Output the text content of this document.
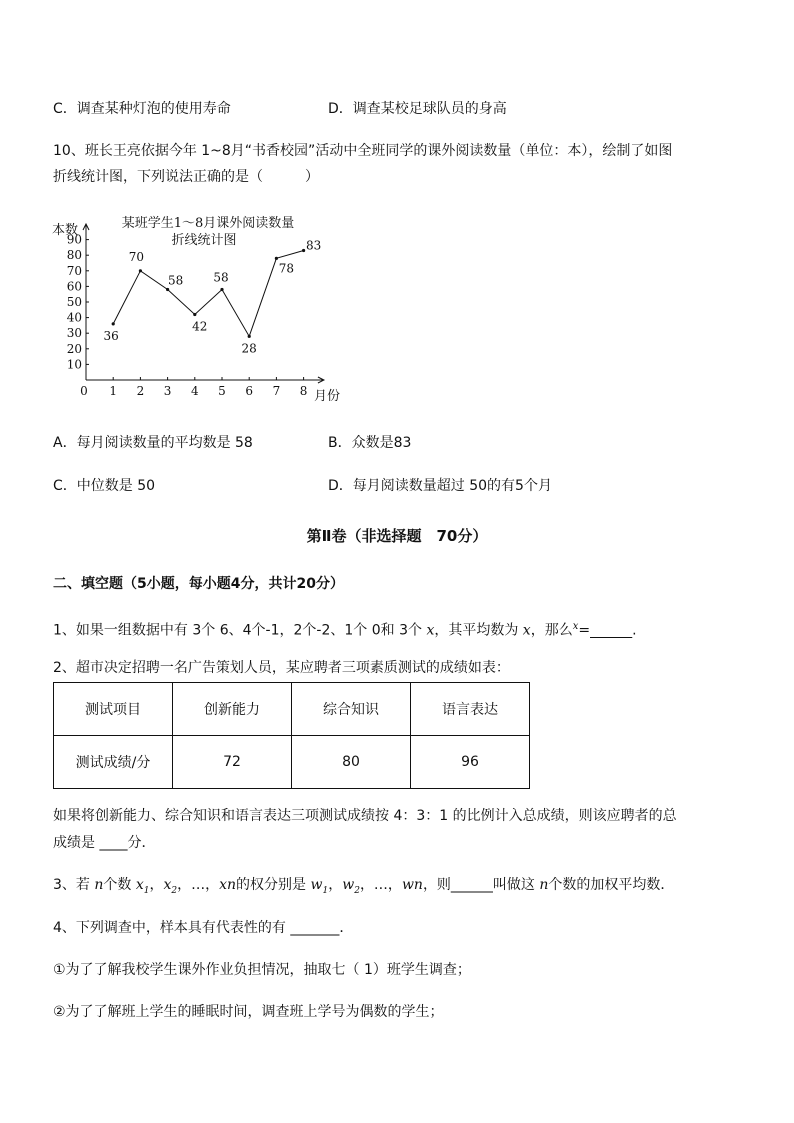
C．调查某种灯泡的使用寿命	D．调查某校足球队员的身高
10、班长王亮依据今年 1~8月“书香校园”活动中全班同学的课外阅读数量（单位：本），绘制了如图
折线统计图，下列说法正确的是（　　　）
某班学生1～8月课外阅读数量
折线统计图
本数
月份
10
20
30
40
50
60
70
80
90
0 1 2 3 4 5 6 7 8
36
70
58
42
58
28
78
83
A．每月阅读数量的平均数是 58	B．众数是83
C．中位数是 50	D．每月阅读数量超过 50的有5个月
第Ⅱ卷（非选择题　70分）
二、填空题（5小题，每小题4分，共计20分）
1、如果一组数据中有 3个 6、4个-1，2个-2、1个 0和 3个 x，其平均数为 x，那么$^x$=______.
2、超市决定招聘一名广告策划人员，某应聘者三项素质测试的成绩如表：
测试项目	创新能力	综合知识	语言表达
测试成绩/分	72	80	96
如果将创新能力、综合知识和语言表达三项测试成绩按 4：3：1 的比例计入总成绩，则该应聘者的总
成绩是 ____分．
3、若 n个数 $x_1$，$x_2$，…，xn的权分别是 $w_1$，$w_2$，…，wn，则______叫做这 n个数的加权平均数．
4、下列调查中，样本具有代表性的有 _______．
①为了了解我校学生课外作业负担情况，抽取七（ 1）班学生调查；
②为了了解班上学生的睡眠时间，调查班上学号为偶数的学生；
